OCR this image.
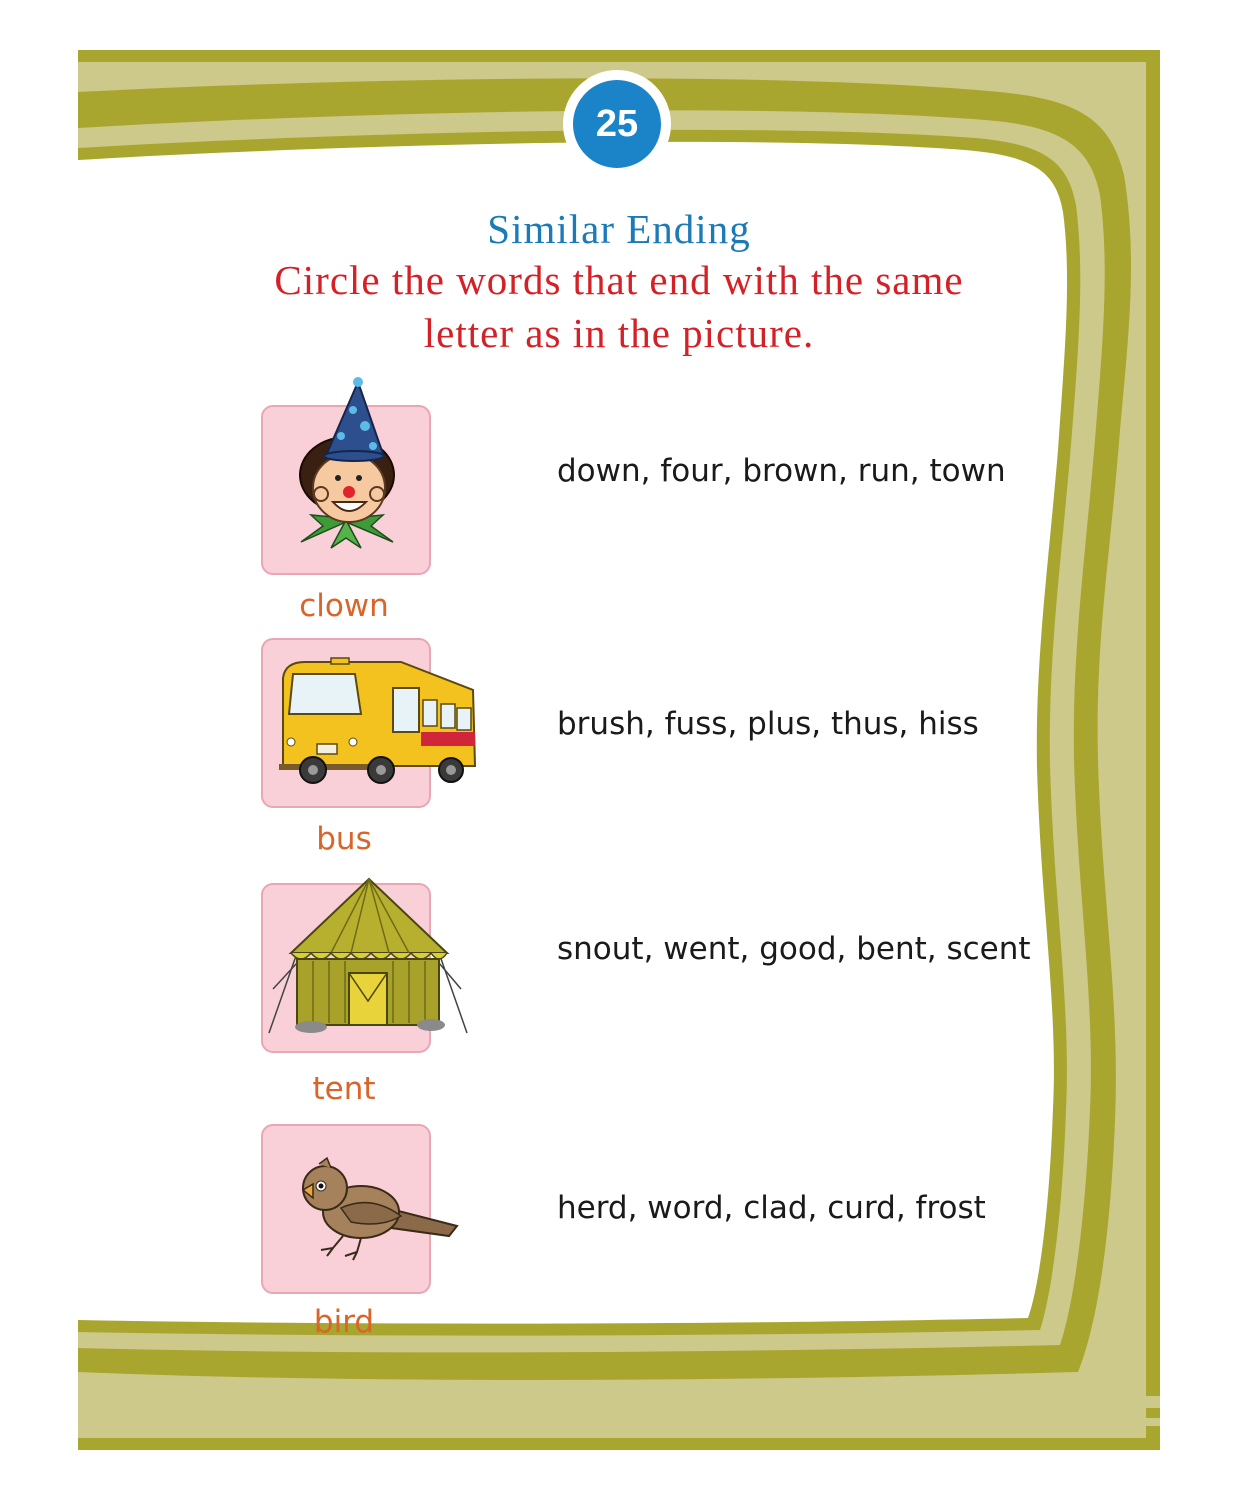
25
Similar Ending
Circle the words that end with the same
letter as in the picture.
clown
down, four, brown, run, town
bus
brush, fuss, plus, thus, hiss
tent
snout, went, good, bent, scent
bird
herd, word, clad, curd, frost
